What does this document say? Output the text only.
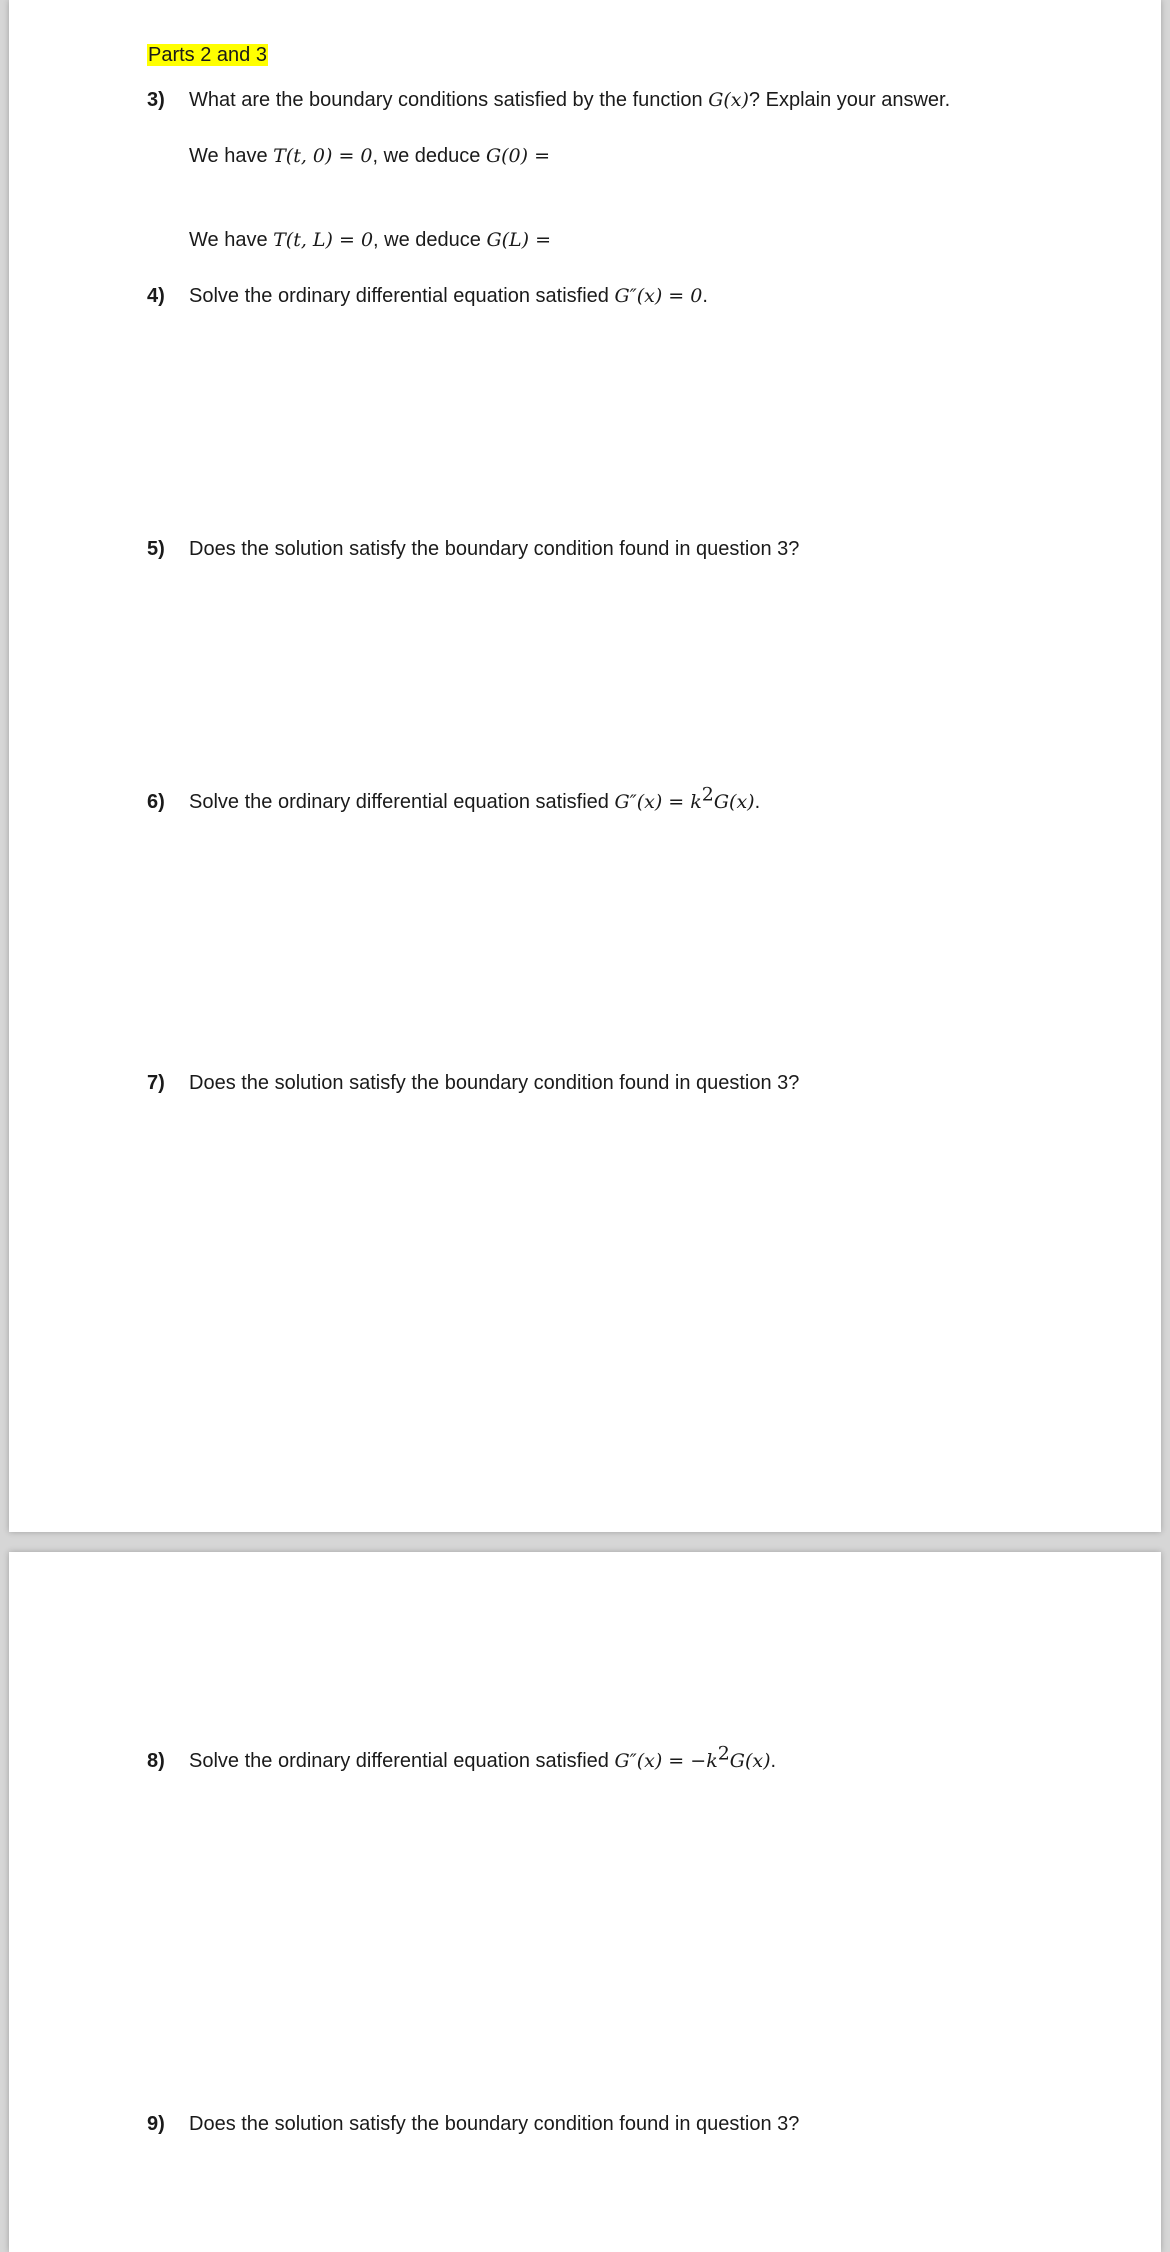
Parts 2 and 3
3) What are the boundary conditions satisfied by the function G(x)? Explain your answer.
We have T(t, 0) = 0, we deduce G(0) =
We have T(t, L) = 0, we deduce G(L) =
4) Solve the ordinary differential equation satisfied G″(x) = 0.
5) Does the solution satisfy the boundary condition found in question 3?
6) Solve the ordinary differential equation satisfied $G''(x) = k^2G(x)$.
7) Does the solution satisfy the boundary condition found in question 3?
8) Solve the ordinary differential equation satisfied $G''(x) = -k^2G(x)$.
9) Does the solution satisfy the boundary condition found in question 3?
